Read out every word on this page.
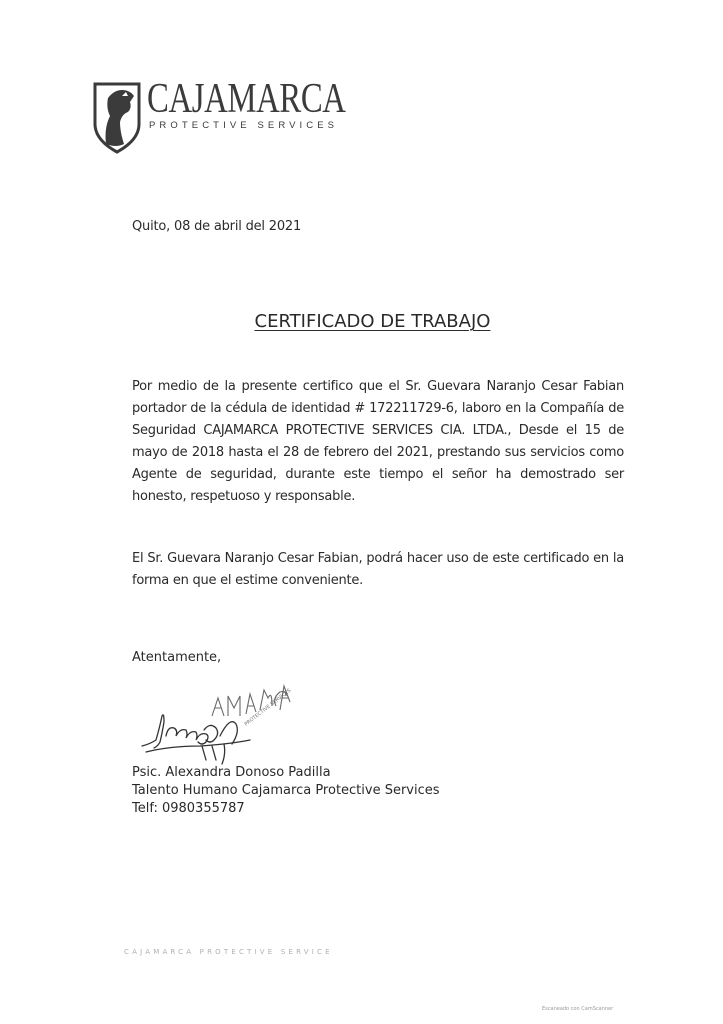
CAJAMARCA
PROTECTIVE SERVICES
Quito, 08 de abril del 2021
CERTIFICADO DE TRABAJO
Por medio de la presente certifico que el Sr. Guevara Naranjo Cesar Fabian portador de la cédula de identidad # 172211729-6, laboro en la Compañía de Seguridad CAJAMARCA PROTECTIVE SERVICES CIA. LTDA., Desde el 15 de mayo de 2018 hasta el 28 de febrero del 2021, prestando sus servicios como Agente de seguridad, durante este tiempo el señor ha demostrado ser honesto, respetuoso y responsable.
El Sr. Guevara Naranjo Cesar Fabian, podrá hacer uso de este certificado en la forma en que el estime conveniente.
Atentamente,
PROTECTIVE SERVICES
Psic. Alexandra Donoso Padilla
Talento Humano Cajamarca Protective Services
Telf: 0980355787
CAJAMARCA PROTECTIVE SERVICE
Escaneado con CamScanner
